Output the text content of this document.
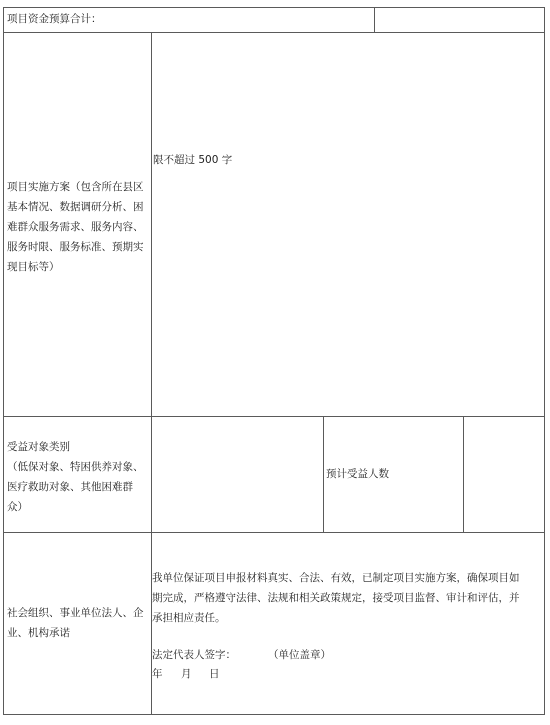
项目资金预算合计：
项目实施方案（包含所在县区
基本情况、数据调研分析、困
难群众服务需求、服务内容、
服务时限、服务标准、预期实
现目标等）
限不超过 500 字
受益对象类别
（低保对象、特困供养对象、
医疗救助对象、其他困难群
众）
预计受益人数
社会组织、事业单位法人、企
业、机构承诺
我单位保证项目申报材料真实、合法、有效，已制定项目实施方案，确保项目如
期完成，严格遵守法律、法规和相关政策规定，接受项目监督、审计和评估，并
承担相应责任。
法定代表人签字：	（单位盖章）
年 月 日
